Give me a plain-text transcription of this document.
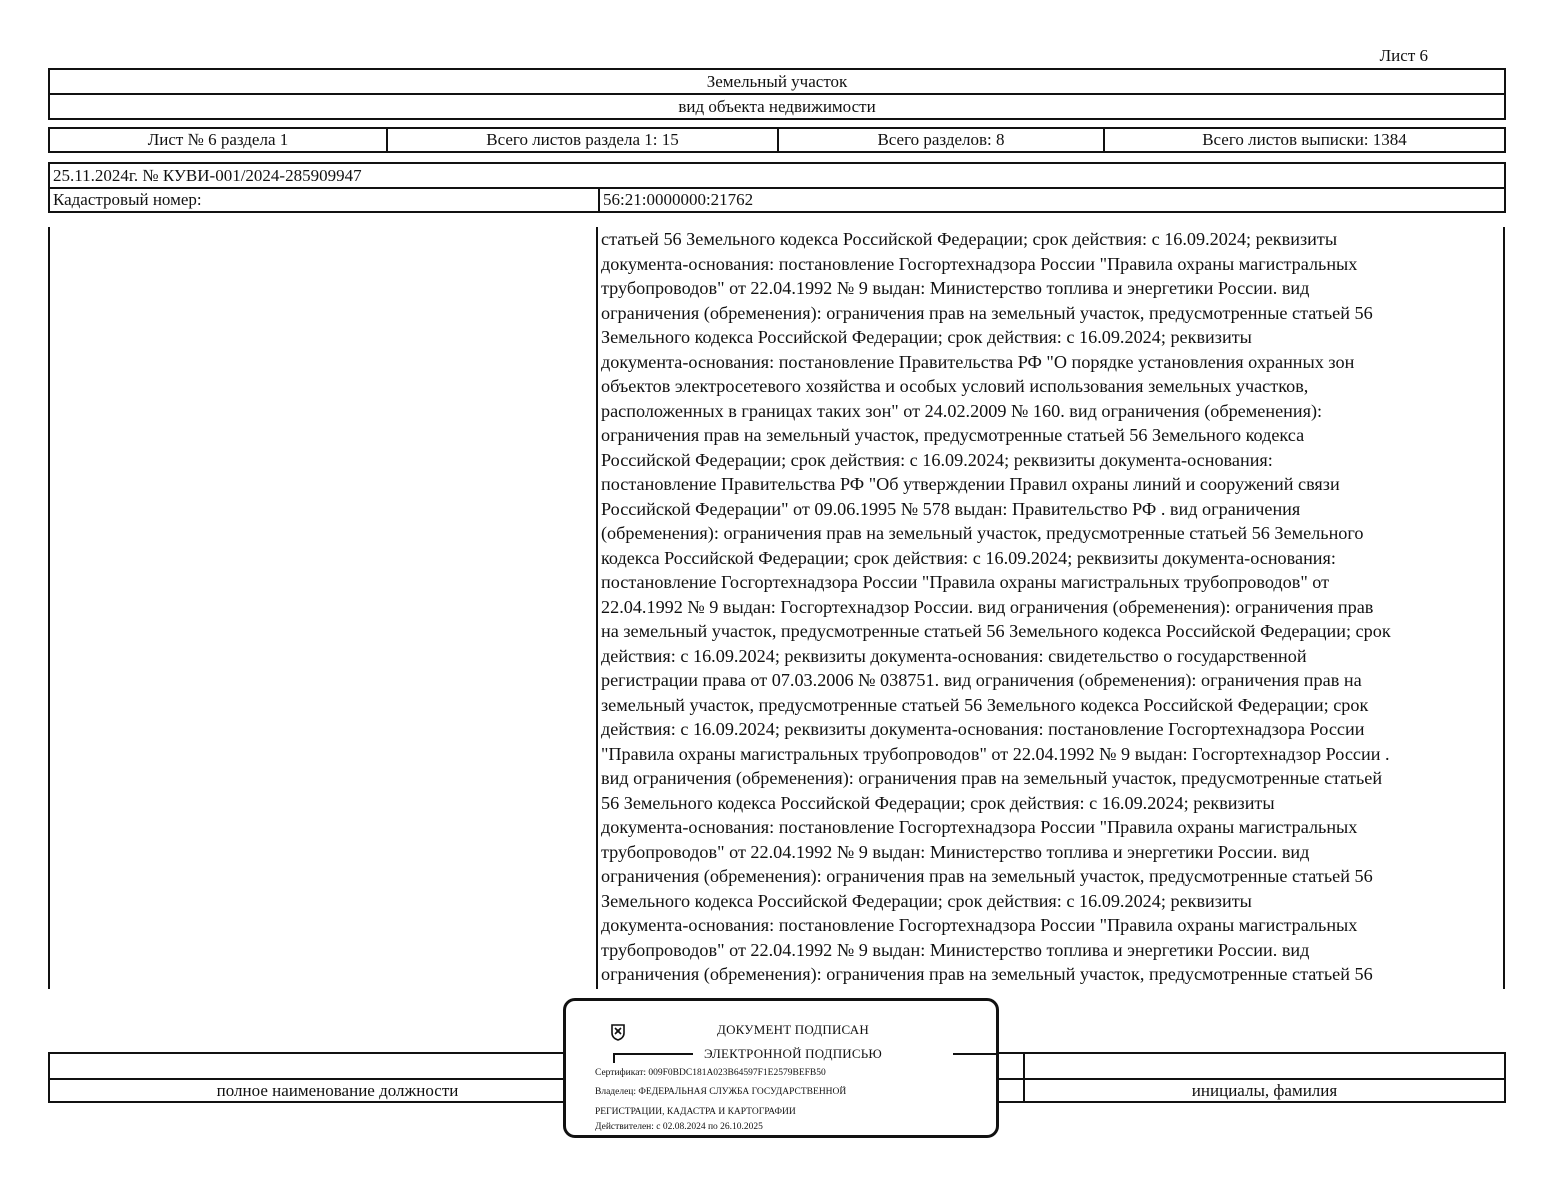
Лист 6
Земельный участок
вид объекта недвижимости
Лист № 6 раздела 1	Всего листов раздела 1: 15	Всего разделов: 8	Всего листов выписки: 1384
25.11.2024г. № КУВИ-001/2024-285909947
Кадастровый номер:	56:21:0000000:21762
статьей 56 Земельного кодекса Российской Федерации; срок действия: с 16.09.2024; реквизиты
документа-основания: постановление Госгортехнадзора России "Правила охраны магистральных
трубопроводов" от 22.04.1992 № 9 выдан: Министерство топлива и энергетики России. вид
ограничения (обременения): ограничения прав на земельный участок, предусмотренные статьей 56
Земельного кодекса Российской Федерации; срок действия: с 16.09.2024; реквизиты
документа-основания: постановление Правительства РФ "О порядке установления охранных зон
объектов электросетевого хозяйства и особых условий использования земельных участков,
расположенных в границах таких зон" от 24.02.2009 № 160. вид ограничения (обременения):
ограничения прав на земельный участок, предусмотренные статьей 56 Земельного кодекса
Российской Федерации; срок действия: с 16.09.2024; реквизиты документа-основания:
постановление Правительства РФ "Об утверждении Правил охраны линий и сооружений связи
Российской Федерации" от 09.06.1995 № 578 выдан: Правительство РФ . вид ограничения
(обременения): ограничения прав на земельный участок, предусмотренные статьей 56 Земельного
кодекса Российской Федерации; срок действия: с 16.09.2024; реквизиты документа-основания:
постановление Госгортехнадзора России "Правила охраны магистральных трубопроводов" от
22.04.1992 № 9 выдан: Госгортехнадзор России. вид ограничения (обременения): ограничения прав
на земельный участок, предусмотренные статьей 56 Земельного кодекса Российской Федерации; срок
действия: с 16.09.2024; реквизиты документа-основания: свидетельство о государственной
регистрации права от 07.03.2006 № 038751. вид ограничения (обременения): ограничения прав на
земельный участок, предусмотренные статьей 56 Земельного кодекса Российской Федерации; срок
действия: с 16.09.2024; реквизиты документа-основания: постановление Госгортехнадзора России
"Правила охраны магистральных трубопроводов" от 22.04.1992 № 9 выдан: Госгортехнадзор России .
вид ограничения (обременения): ограничения прав на земельный участок, предусмотренные статьей
56 Земельного кодекса Российской Федерации; срок действия: с 16.09.2024; реквизиты
документа-основания: постановление Госгортехнадзора России "Правила охраны магистральных
трубопроводов" от 22.04.1992 № 9 выдан: Министерство топлива и энергетики России. вид
ограничения (обременения): ограничения прав на земельный участок, предусмотренные статьей 56
Земельного кодекса Российской Федерации; срок действия: с 16.09.2024; реквизиты
документа-основания: постановление Госгортехнадзора России "Правила охраны магистральных
трубопроводов" от 22.04.1992 № 9 выдан: Министерство топлива и энергетики России. вид
ограничения (обременения): ограничения прав на земельный участок, предусмотренные статьей 56
полное наименование должности	инициалы, фамилия
ДОКУМЕНТ ПОДПИСАН
ЭЛЕКТРОННОЙ ПОДПИСЬЮ
Сертификат: 009F0BDC181A023B64597F1E2579BEFB50
Владелец: ФЕДЕРАЛЬНАЯ СЛУЖБА ГОСУДАРСТВЕННОЙ
РЕГИСТРАЦИИ, КАДАСТРА И КАРТОГРАФИИ
Действителен: с 02.08.2024 по 26.10.2025
